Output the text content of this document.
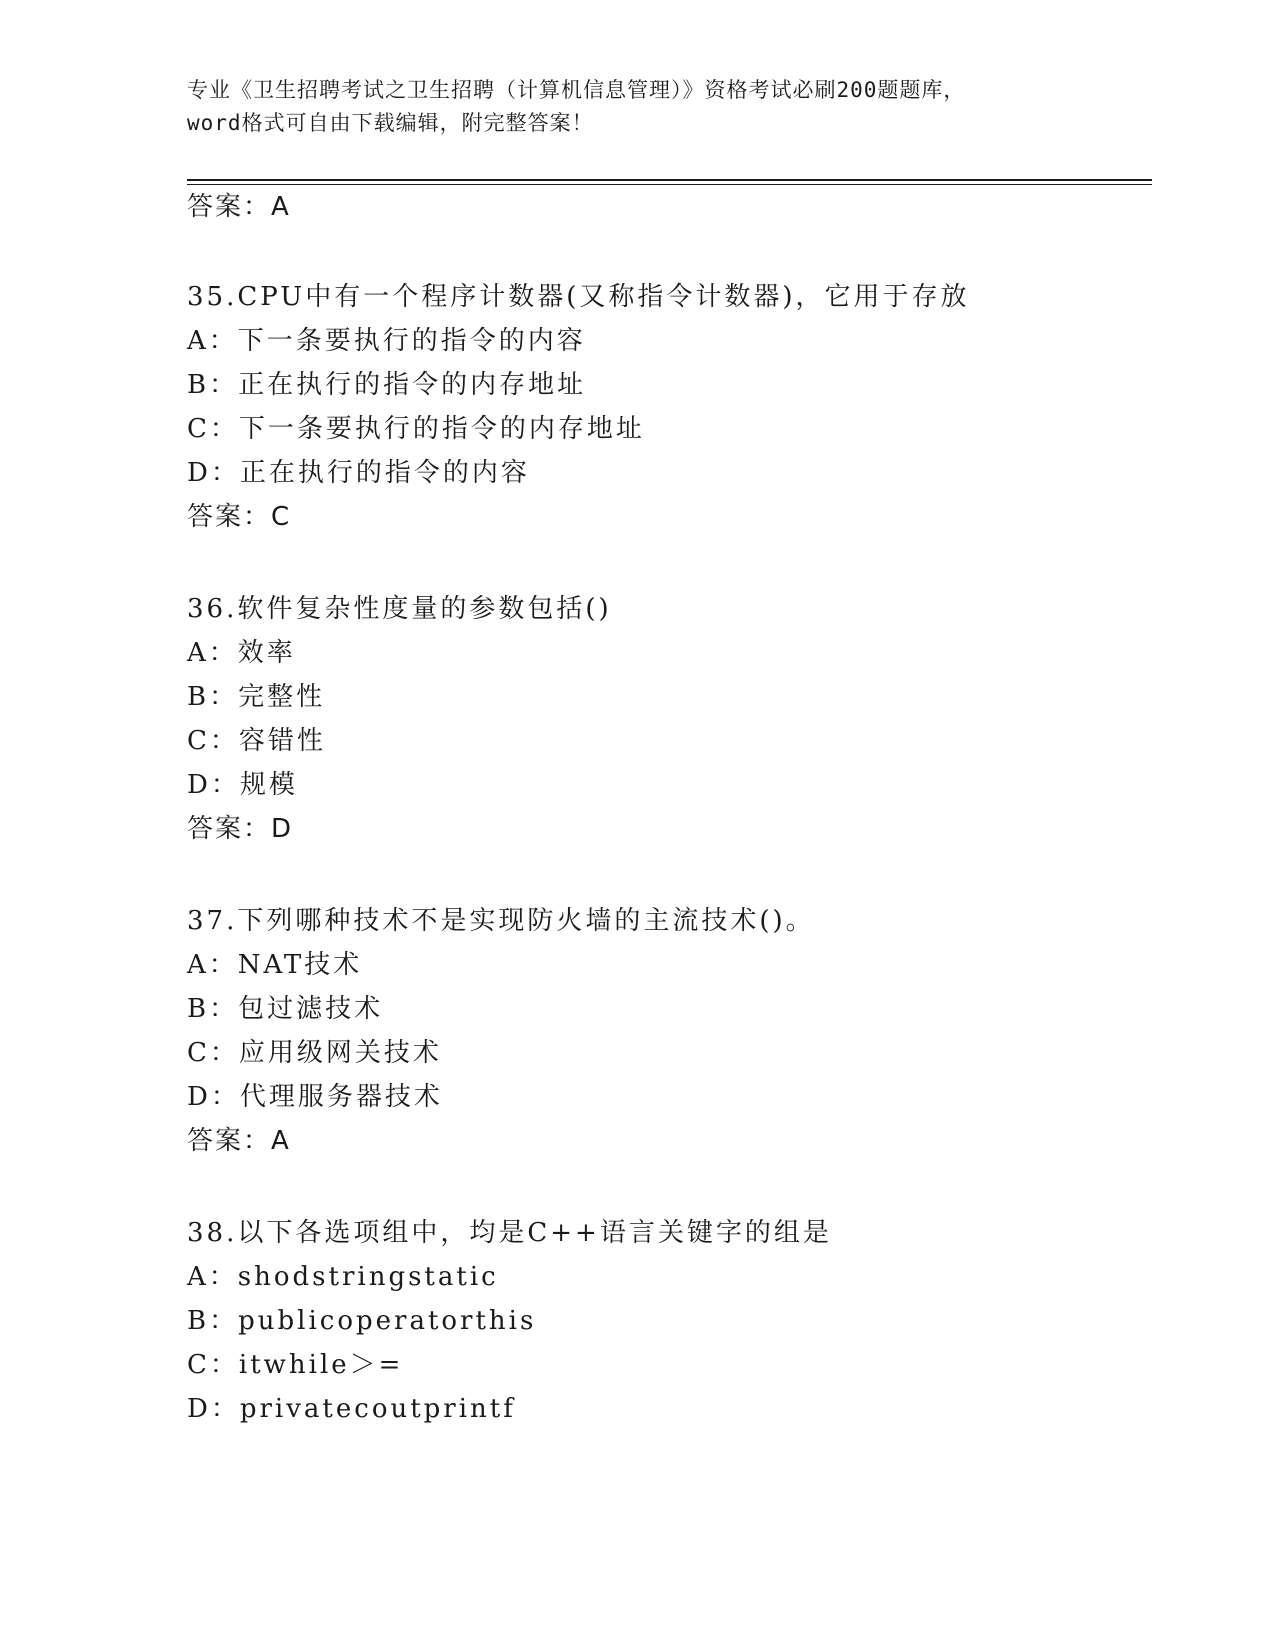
专业《卫生招聘考试之卫生招聘（计算机信息管理）》资格考试必刷200题题库，
word格式可自由下载编辑，附完整答案！
答案：A
35.CPU中有一个程序计数器(又称指令计数器)，它用于存放
A：下一条要执行的指令的内容
B：正在执行的指令的内存地址
C：下一条要执行的指令的内存地址
D：正在执行的指令的内容
答案：C
36.软件复杂性度量的参数包括()
A：效率
B：完整性
C：容错性
D：规模
答案：D
37.下列哪种技术不是实现防火墙的主流技术()。
A：NAT技术
B：包过滤技术
C：应用级网关技术
D：代理服务器技术
答案：A
38.以下各选项组中，均是C++语言关键字的组是
A：shodstringstatic
B：publicoperatorthis
C：itwhile＞=
D：privatecoutprintf
